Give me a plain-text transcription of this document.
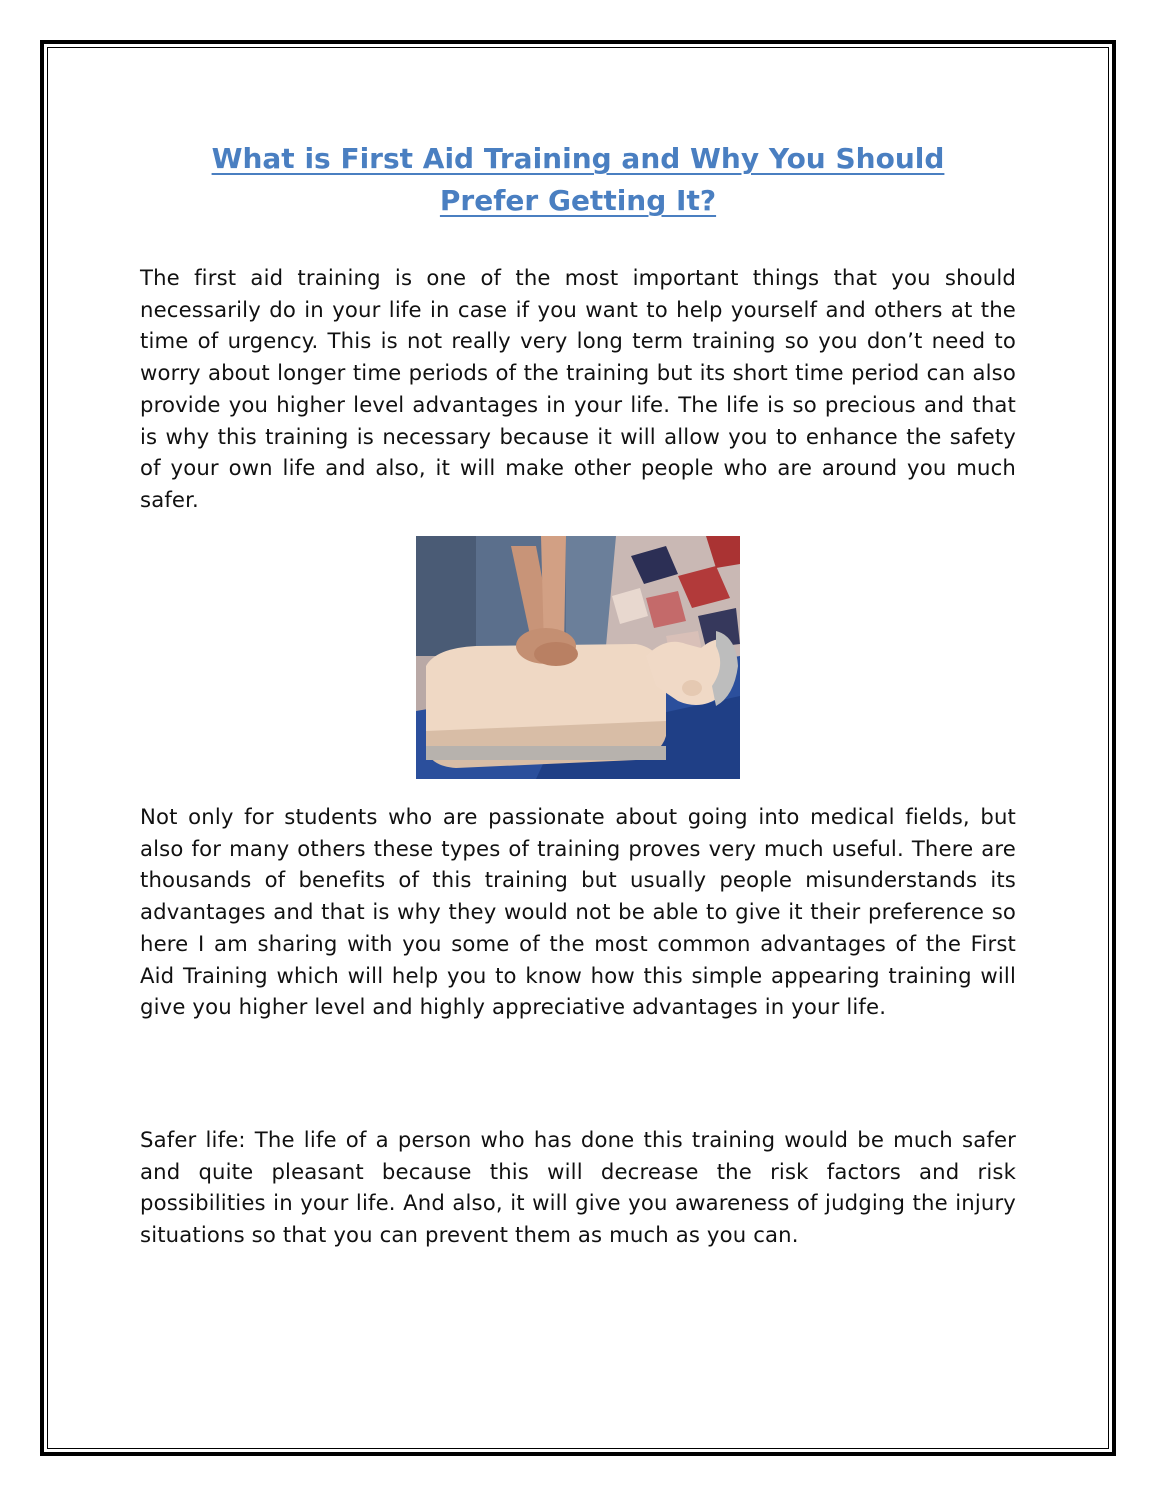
What is First Aid Training and Why You Should
Prefer Getting It?

The first aid training is one of the most important things that you should necessarily do in your life in case if you want to help yourself and others at the time of urgency. This is not really very long term training so you don’t need to worry about longer time periods of the training but its short time period can also provide you higher level advantages in your life. The life is so precious and that is why this training is necessary because it will allow you to enhance the safety of your own life and also, it will make other people who are around you much safer.

Not only for students who are passionate about going into medical fields, but also for many others these types of training proves very much useful. There are thousands of benefits of this training but usually people misunderstands its advantages and that is why they would not be able to give it their preference so here I am sharing with you some of the most common advantages of the First Aid Training which will help you to know how this simple appearing training will give you higher level and highly appreciative advantages in your life.

Safer life: The life of a person who has done this training would be much safer and quite pleasant because this will decrease the risk factors and risk possibilities in your life. And also, it will give you awareness of judging the injury situations so that you can prevent them as much as you can.
